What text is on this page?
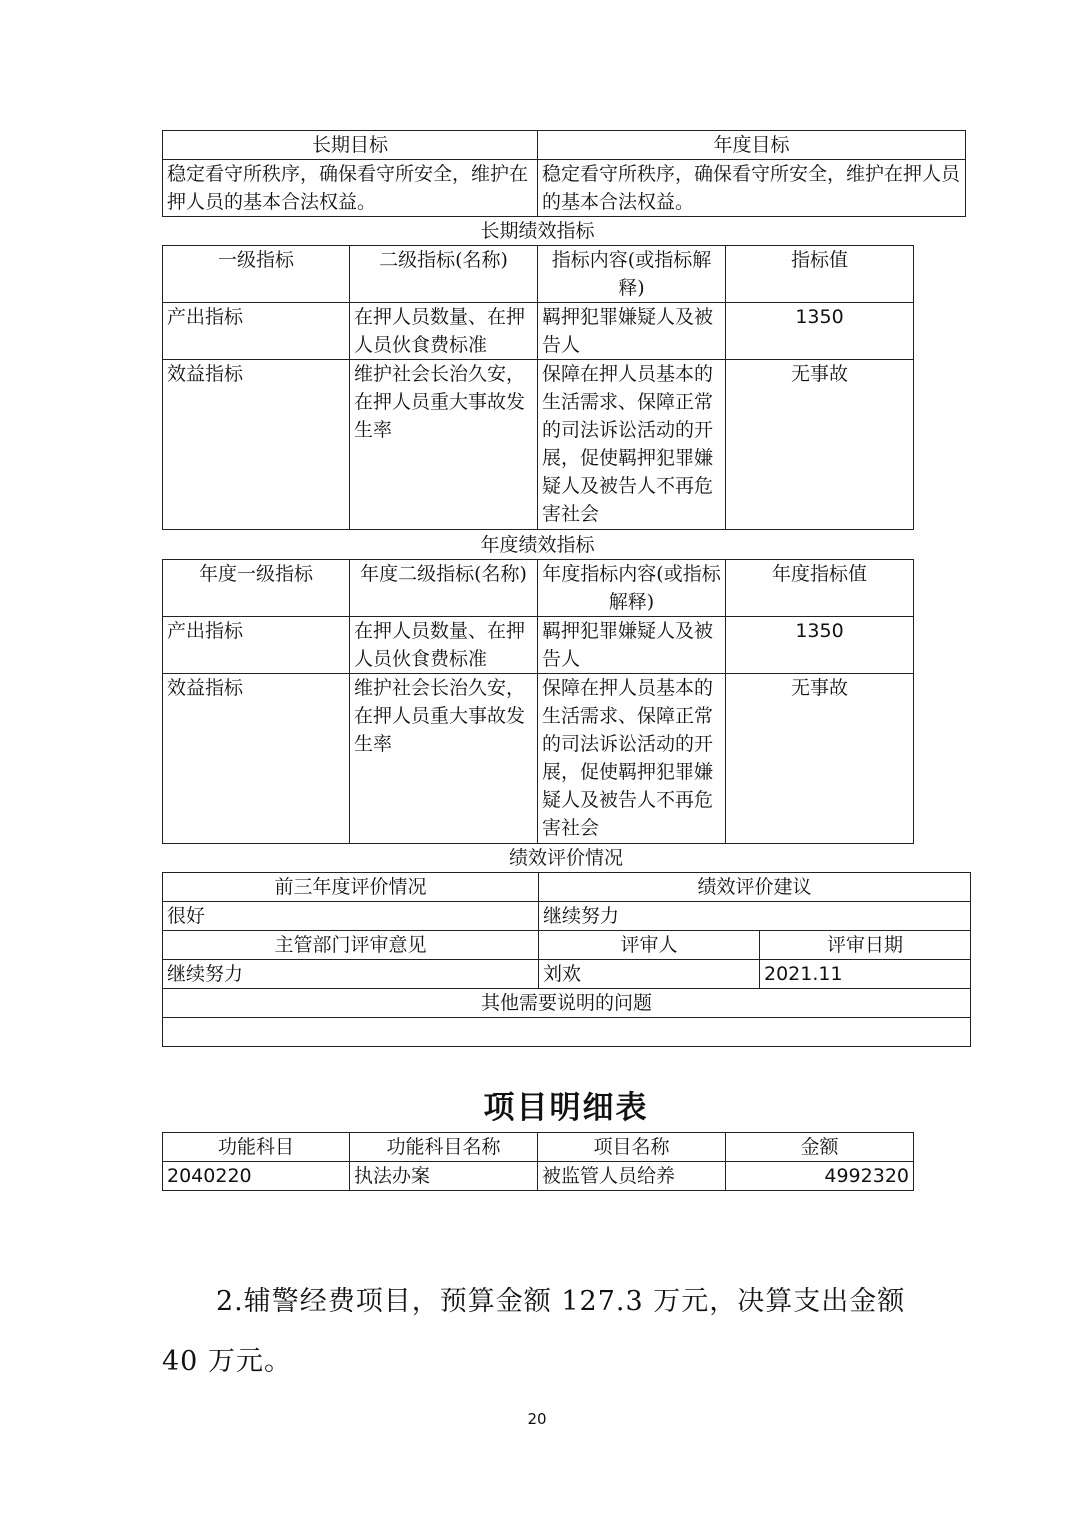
长期目标	年度目标
稳定看守所秩序，确保看守所安全，维护在押人员的基本合法权益。	稳定看守所秩序，确保看守所安全，维护在押人员的基本合法权益。
长期绩效指标
一级指标	二级指标(名称)	指标内容(或指标解释)	指标值
产出指标	在押人员数量、在押人员伙食费标准	羁押犯罪嫌疑人及被告人	1350
效益指标	维护社会长治久安，在押人员重大事故发生率	保障在押人员基本的生活需求、保障正常的司法诉讼活动的开展，促使羁押犯罪嫌疑人及被告人不再危害社会	无事故
年度绩效指标
年度一级指标	年度二级指标(名称)	年度指标内容(或指标解释)	年度指标值
产出指标	在押人员数量、在押人员伙食费标准	羁押犯罪嫌疑人及被告人	1350
效益指标	维护社会长治久安，在押人员重大事故发生率	保障在押人员基本的生活需求、保障正常的司法诉讼活动的开展，促使羁押犯罪嫌疑人及被告人不再危害社会	无事故
绩效评价情况
前三年度评价情况	绩效评价建议	
很好	继续努力	
主管部门评审意见	评审人	评审日期
继续努力	刘欢	2021.11
其他需要说明的问题		

项目明细表
功能科目	功能科目名称	项目名称	金额
2040220	执法办案	被监管人员给养	4992320
2.辅警经费项目，预算金额 127.3 万元，决算支出金额 40 万元。
20
